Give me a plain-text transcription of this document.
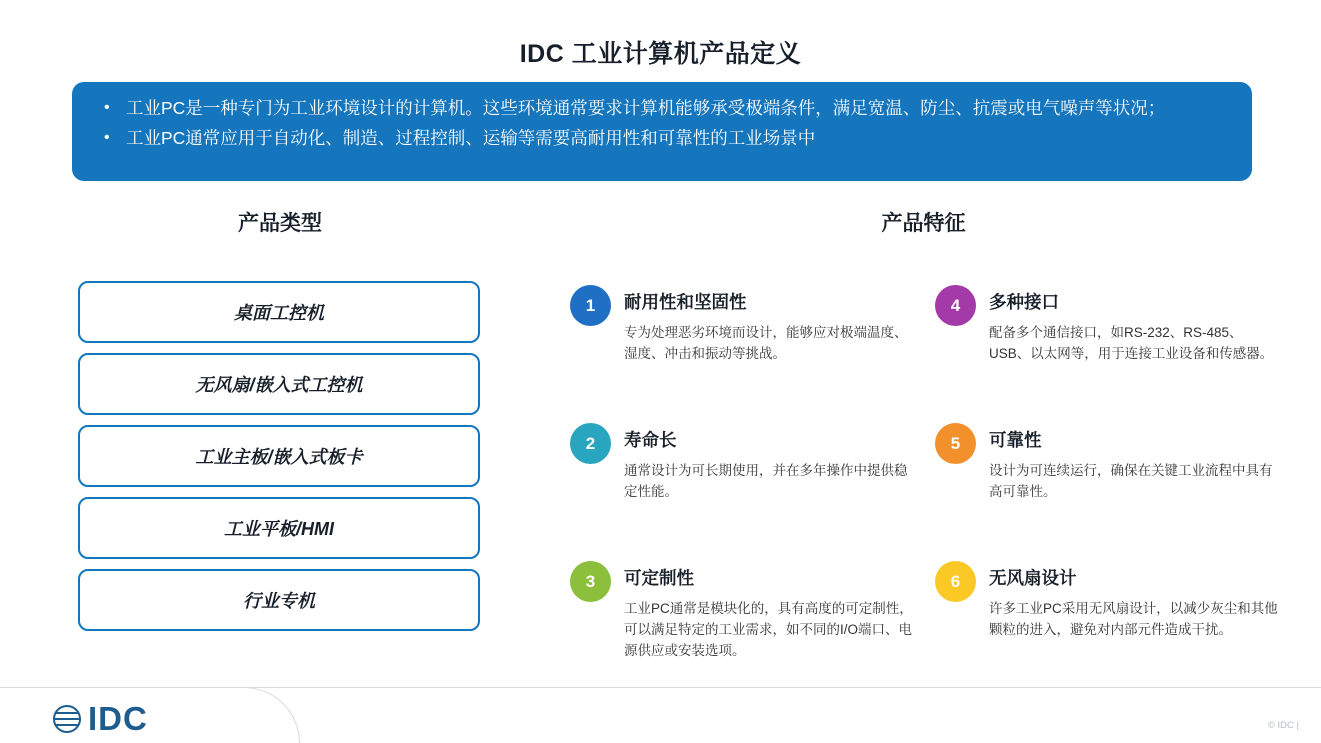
IDC 工业计算机产品定义
• 工业PC是一种专门为工业环境设计的计算机。这些环境通常要求计算机能够承受极端条件，满足宽温、防尘、抗震或电气噪声等状况；
• 工业PC通常应用于自动化、制造、过程控制、运输等需要高耐用性和可靠性的工业场景中
产品类型	产品特征
桌面工控机
无风扇/嵌入式工控机
工业主板/嵌入式板卡
工业平板/HMI
行业专机
1	耐用性和坚固性
专为处理恶劣环境而设计，能够应对极端温度、湿度、冲击和振动等挑战。
4	多种接口
配备多个通信接口，如RS-232、RS-485、USB、以太网等，用于连接工业设备和传感器。
2	寿命长
通常设计为可长期使用，并在多年操作中提供稳定性能。
5	可靠性
设计为可连续运行，确保在关键工业流程中具有高可靠性。
3	可定制性
工业PC通常是模块化的，具有高度的可定制性，可以满足特定的工业需求，如不同的I/O端口、电源供应或安装选项。
6	无风扇设计
许多工业PC采用无风扇设计，以减少灰尘和其他颗粒的进入，避免对内部元件造成干扰。
IDC	© IDC |
